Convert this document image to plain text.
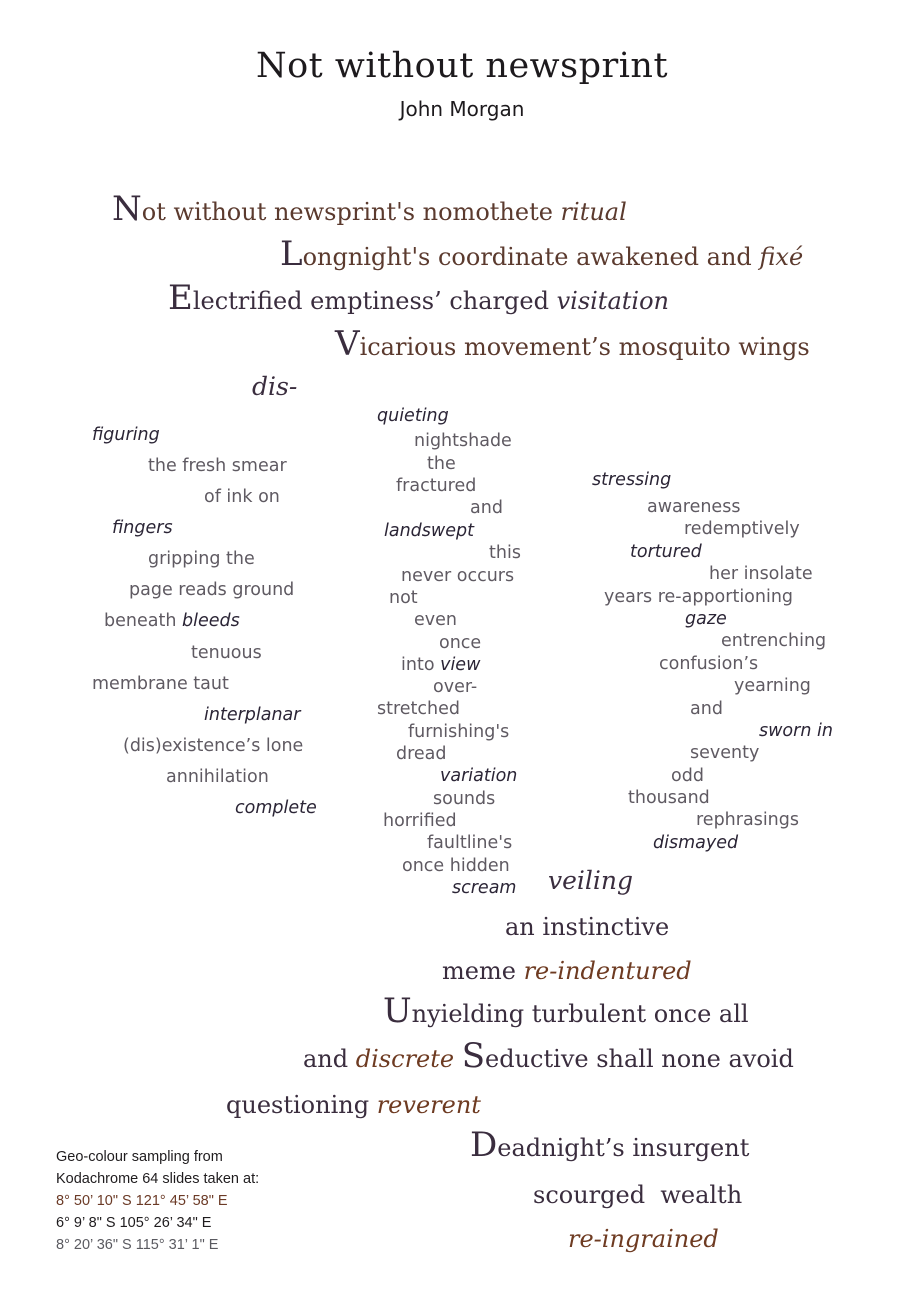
Not without newsprint
John Morgan
Not without newsprint's nomothete ritual
Longnight's coordinate awakened and fixé
Electrified emptiness’ charged visitation
Vicarious movement’s mosquito wings
dis-
figuring
the fresh smear
of ink on
fingers
gripping the
page reads ground
beneath bleeds
tenuous
membrane taut
interplanar
(dis)existence’s lone
annihilation
complete
quieting
nightshade
the
fractured
and
landswept
this
never occurs
not
even
once
into view
over-
stretched
furnishing's
dread
variation
sounds
horrified
faultline's
once hidden
scream
stressing
awareness
redemptively
tortured
her insolate
years re-apportioning
gaze
entrenching
confusion’s
yearning
and
sworn in
seventy
odd
thousand
rephrasings
dismayed
veiling
an instinctive
meme re-indentured
Unyielding turbulent once all
and discrete Seductive shall none avoid
questioning reverent
Deadnight’s insurgent
scourged  wealth
re-ingrained
Geo-colour sampling from
Kodachrome 64 slides taken at:
8° 50’ 10" S 121° 45’ 58" E
6° 9’ 8" S 105° 26’ 34" E
8° 20’ 36" S 115° 31’ 1" E
